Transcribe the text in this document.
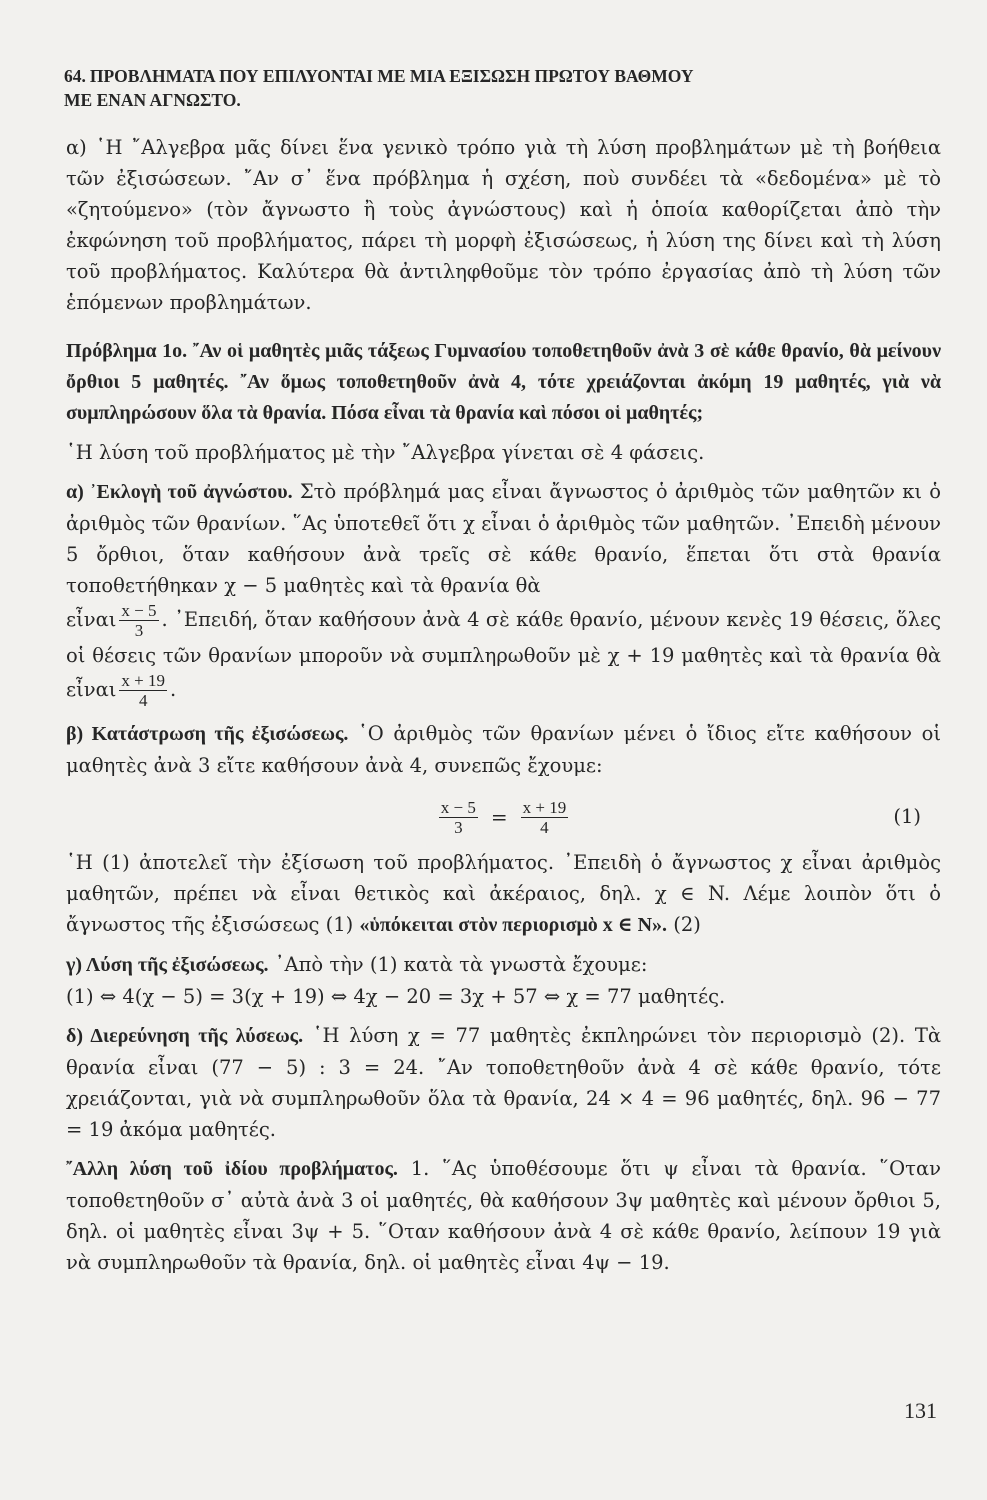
64. ΠΡΟΒΛΗΜΑΤΑ ΠΟΥ ΕΠΙΛΥΟΝΤΑΙ ΜΕ ΜΙΑ ΕΞΙΣΩΣΗ ΠΡΩΤΟΥ ΒΑΘΜΟΥ
ΜΕ ΕΝΑΝ ΑΓΝΩΣΤΟ.

α) ῾Η ῎Αλγεβρα μᾶς δίνει ἕνα γενικὸ τρόπο γιὰ τὴ λύση προβλημάτων μὲ τὴ βοήθεια τῶν ἐξισώσεων. ῎Αν σ᾽ ἕνα πρόβλημα ἡ σχέση, ποὺ συνδέει τὰ «δεδομένα» μὲ τὸ «ζητούμενο» (τὸν ἄγνωστο ἢ τοὺς ἀγνώστους) καὶ ἡ ὁποία καθορίζεται ἀπὸ τὴν ἐκφώνηση τοῦ προβλήματος, πάρει τὴ μορφὴ ἐξισώσεως, ἡ λύση της δίνει καὶ τὴ λύση τοῦ προβλήματος. Καλύτερα θὰ ἀντιληφθοῦμε τὸν τρόπο ἐργασίας ἀπὸ τὴ λύση τῶν ἑπόμενων προβλημάτων.

Πρόβλημα 1ο. ῎Αν οἱ μαθητὲς μιᾶς τάξεως Γυμνασίου τοποθετηθοῦν ἀνὰ 3 σὲ κάθε θρανίο, θὰ μείνουν ὄρθιοι 5 μαθητές. ῎Αν ὅμως τοποθετηθοῦν ἀνὰ 4, τότε χρειάζονται ἀκόμη 19 μαθητές, γιὰ νὰ συμπληρώσουν ὅλα τὰ θρανία. Πόσα εἶναι τὰ θρανία καὶ πόσοι οἱ μαθητές;

῾Η λύση τοῦ προβλήματος μὲ τὴν ῎Αλγεβρα γίνεται σὲ 4 φάσεις.

α) ᾿Εκλογὴ τοῦ ἀγνώστου. Στὸ πρόβλημά μας εἶναι ἄγνωστος ὁ ἀριθμὸς τῶν μαθητῶν κι ὁ ἀριθμὸς τῶν θρανίων. ῞Ας ὑποτεθεῖ ὅτι χ εἶναι ὁ ἀριθμὸς τῶν μαθητῶν. ᾿Επειδὴ μένουν 5 ὄρθιοι, ὅταν καθήσουν ἀνὰ τρεῖς σὲ κάθε θρανίο, ἕπεται ὅτι στὰ θρανία τοποθετήθηκαν χ − 5 μαθητὲς καὶ τὰ θρανία θὰ

εἶναι $\frac{x - 5}{3}$ . ᾿Επειδή, ὅταν καθήσουν ἀνὰ 4 σὲ κάθε θρανίο, μένουν κενὲς 19 θέσεις, ὅλες οἱ θέσεις τῶν θρανίων μποροῦν νὰ συμπληρωθοῦν μὲ χ + 19 μαθητὲς καὶ τὰ θρανία θὰ εἶναι $\frac{x + 19}{4}$ .

β) Κατάστρωση τῆς ἐξισώσεως. ῾Ο ἀριθμὸς τῶν θρανίων μένει ὁ ἴδιος εἴτε καθήσουν οἱ μαθητὲς ἀνὰ 3 εἴτε καθήσουν ἀνὰ 4, συνεπῶς ἔχουμε:

$\frac{x - 5}{3} = \frac{x + 19}{4}$	(1)

῾Η (1) ἀποτελεῖ τὴν ἐξίσωση τοῦ προβλήματος. ᾿Επειδὴ ὁ ἄγνωστος χ εἶναι ἀριθμὸς μαθητῶν, πρέπει νὰ εἶναι θετικὸς καὶ ἀκέραιος, δηλ. χ ∈ N. Λέμε λοιπὸν ὅτι ὁ ἄγνωστος τῆς ἐξισώσεως (1) «ὑπόκειται στὸν περιορισμὸ x ∈ N». (2)

γ) Λύση τῆς ἐξισώσεως. ᾿Απὸ τὴν (1) κατὰ τὰ γνωστὰ ἔχουμε:

(1) ⇔ 4(χ − 5) = 3(χ + 19) ⇔ 4χ − 20 = 3χ + 57 ⇔ χ = 77 μαθητές.

δ) Διερεύνηση τῆς λύσεως. ῾Η λύση χ = 77 μαθητὲς ἐκπληρώνει τὸν περιορισμὸ (2). Τὰ θρανία εἶναι (77 − 5) : 3 = 24. ῎Αν τοποθετηθοῦν ἀνὰ 4 σὲ κάθε θρανίο, τότε χρειάζονται, γιὰ νὰ συμπληρωθοῦν ὅλα τὰ θρανία, 24 × 4 = 96 μαθητές, δηλ. 96 − 77 = 19 ἀκόμα μαθητές.

῎Αλλη λύση τοῦ ἰδίου προβλήματος. 1. ῞Ας ὑποθέσουμε ὅτι ψ εἶναι τὰ θρανία. ῞Οταν τοποθετηθοῦν σ᾽ αὐτὰ ἀνὰ 3 οἱ μαθητές, θὰ καθήσουν 3ψ μαθητὲς καὶ μένουν ὄρθιοι 5, δηλ. οἱ μαθητὲς εἶναι 3ψ + 5. ῞Οταν καθήσουν ἀνὰ 4 σὲ κάθε θρανίο, λείπουν 19 γιὰ νὰ συμπληρωθοῦν τὰ θρανία, δηλ. οἱ μαθητὲς εἶναι 4ψ − 19.

131
